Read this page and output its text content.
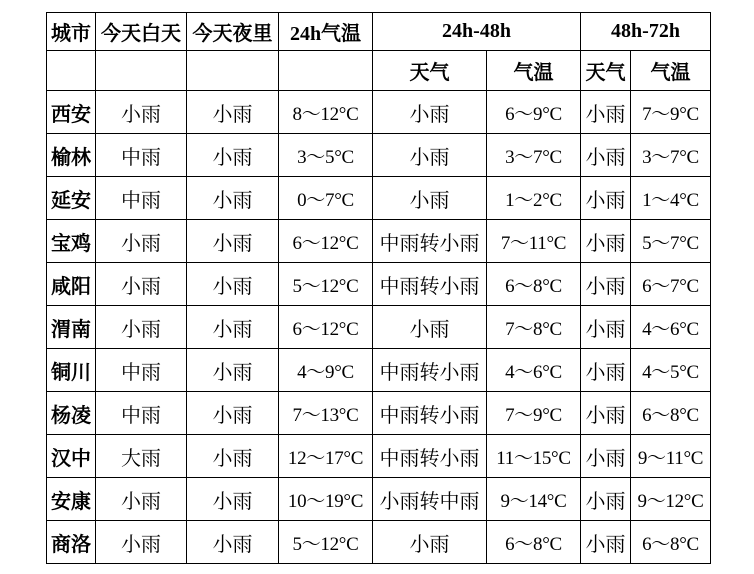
城市	今天白天	今天夜里	24h气温	24h-48h		48h-72h	
				天气	气温	天气	气温
西安	小雨	小雨	8～12°C	小雨	6～9°C	小雨	7～9°C
榆林	中雨	小雨	3～5°C	小雨	3～7°C	小雨	3～7°C
延安	中雨	小雨	0～7°C	小雨	1～2°C	小雨	1～4°C
宝鸡	小雨	小雨	6～12°C	中雨转小雨	7～11°C	小雨	5～7°C
咸阳	小雨	小雨	5～12°C	中雨转小雨	6～8°C	小雨	6～7°C
渭南	小雨	小雨	6～12°C	小雨	7～8°C	小雨	4～6°C
铜川	中雨	小雨	4～9°C	中雨转小雨	4～6°C	小雨	4～5°C
杨凌	中雨	小雨	7～13°C	中雨转小雨	7～9°C	小雨	6～8°C
汉中	大雨	小雨	12～17°C	中雨转小雨	11～15°C	小雨	9～11°C
安康	小雨	小雨	10～19°C	小雨转中雨	9～14°C	小雨	9～12°C
商洛	小雨	小雨	5～12°C	小雨	6～8°C	小雨	6～8°C
